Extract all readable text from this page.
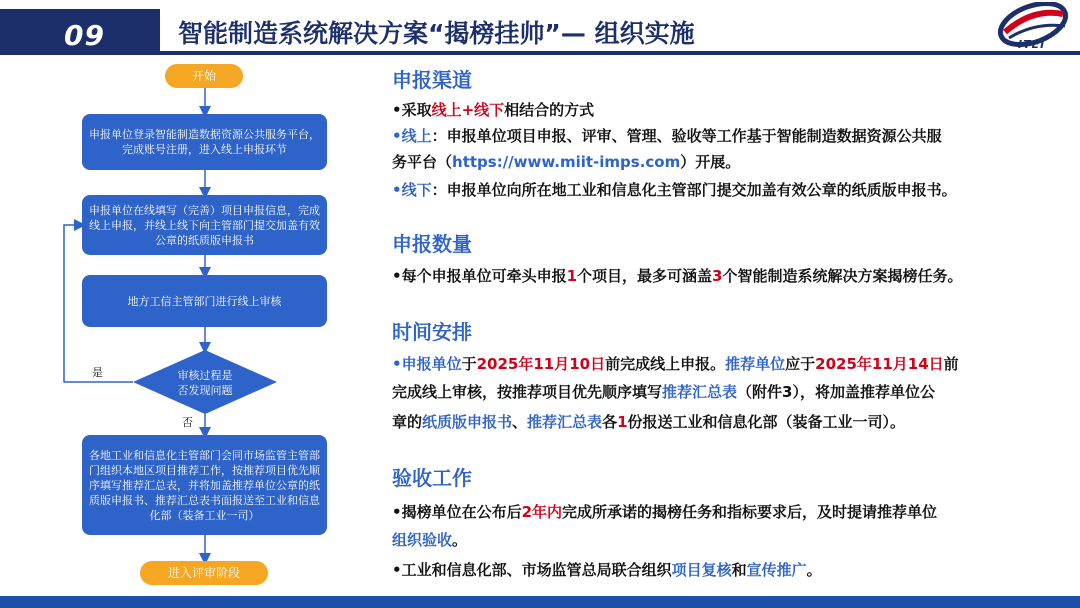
09	智能制造系统解决方案“揭榜挂帅”— 组织实施	ITEI
开始
申报单位登录智能制造数据资源公共服务平台，完成账号注册，进入线上申报环节
申报单位在线填写（完善）项目申报信息，完成线上申报，并线上线下向主管部门提交加盖有效公章的纸质版申报书
地方工信主管部门进行线上审核
审核过程是
否发现问题
是
否
各地工业和信息化主管部门会同市场监管主管部门组织本地区项目推荐工作，按推荐项目优先顺序填写推荐汇总表，并将加盖推荐单位公章的纸质版申报书、推荐汇总表书面报送至工业和信息化部（装备工业一司）
进入评审阶段
申报渠道
•采取线上+线下相结合的方式
•线上：申报单位项目申报、评审、管理、验收等工作基于智能制造数据资源公共服
务平台（https://www.miit-imps.com）开展。
•线下：申报单位向所在地工业和信息化主管部门提交加盖有效公章的纸质版申报书。
申报数量
•每个申报单位可牵头申报1个项目，最多可涵盖3个智能制造系统解决方案揭榜任务。
时间安排
•申报单位于2025年11月10日前完成线上申报。推荐单位应于2025年11月14日前
完成线上审核，按推荐项目优先顺序填写推荐汇总表（附件3），将加盖推荐单位公
章的纸质版申报书、推荐汇总表各1份报送工业和信息化部（装备工业一司）。
验收工作
•揭榜单位在公布后2年内完成所承诺的揭榜任务和指标要求后，及时提请推荐单位
组织验收。
•工业和信息化部、市场监管总局联合组织项目复核和宣传推广。
